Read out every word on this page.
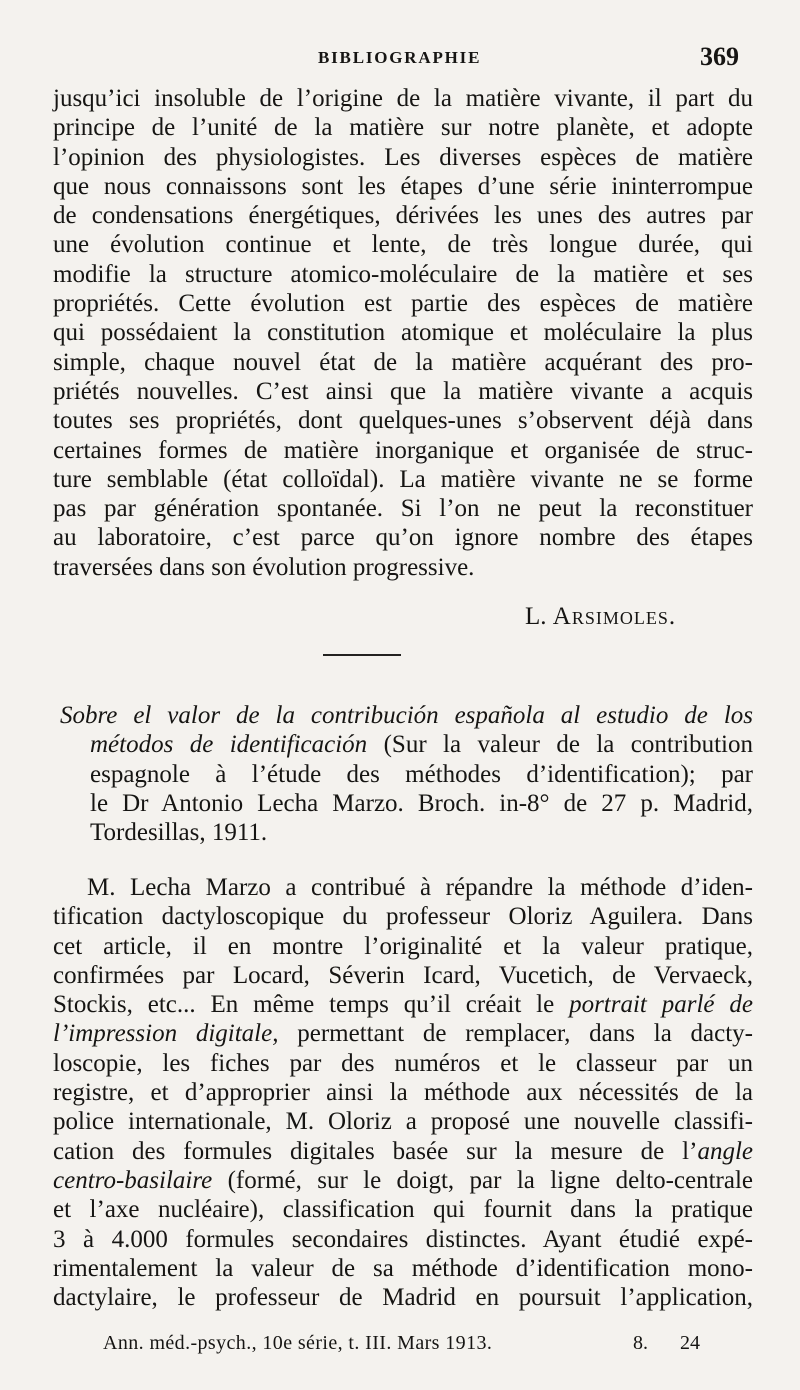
BIBLIOGRAPHIE	369
jusqu’ici insoluble de l’origine de la matière vivante, il part du
principe de l’unité de la matière sur notre planète, et adopte
l’opinion des physiologistes. Les diverses espèces de matière
que nous connaissons sont les étapes d’une série ininterrompue
de condensations énergétiques, dérivées les unes des autres par
une évolution continue et lente, de très longue durée, qui
modifie la structure atomico-moléculaire de la matière et ses
propriétés. Cette évolution est partie des espèces de matière
qui possédaient la constitution atomique et moléculaire la plus
simple, chaque nouvel état de la matière acquérant des pro-
priétés nouvelles. C’est ainsi que la matière vivante a acquis
toutes ses propriétés, dont quelques-unes s’observent déjà dans
certaines formes de matière inorganique et organisée de struc-
ture semblable (état colloïdal). La matière vivante ne se forme
pas par génération spontanée. Si l’on ne peut la reconstituer
au laboratoire, c’est parce qu’on ignore nombre des étapes
traversées dans son évolution progressive.
L. Arsimoles.
Sobre el valor de la contribución española al estudio de los
métodos de identificación (Sur la valeur de la contribution
espagnole à l’étude des méthodes d’identification); par
le Dr Antonio Lecha Marzo. Broch. in-8° de 27 p. Madrid,
Tordesillas, 1911.
M. Lecha Marzo a contribué à répandre la méthode d’iden-
tification dactyloscopique du professeur Oloriz Aguilera. Dans
cet article, il en montre l’originalité et la valeur pratique,
confirmées par Locard, Séverin Icard, Vucetich, de Vervaeck,
Stockis, etc... En même temps qu’il créait le portrait parlé de
l’impression digitale, permettant de remplacer, dans la dacty-
loscopie, les fiches par des numéros et le classeur par un
registre, et d’approprier ainsi la méthode aux nécessités de la
police internationale, M. Oloriz a proposé une nouvelle classifi-
cation des formules digitales basée sur la mesure de l’angle
centro-basilaire (formé, sur le doigt, par la ligne delto-centrale
et l’axe nucléaire), classification qui fournit dans la pratique
3 à 4.000 formules secondaires distinctes. Ayant étudié expé-
rimentalement la valeur de sa méthode d’identification mono-
dactylaire, le professeur de Madrid en poursuit l’application,
Ann. méd.-psych., 10e série, t. III. Mars 1913.	8. 24
